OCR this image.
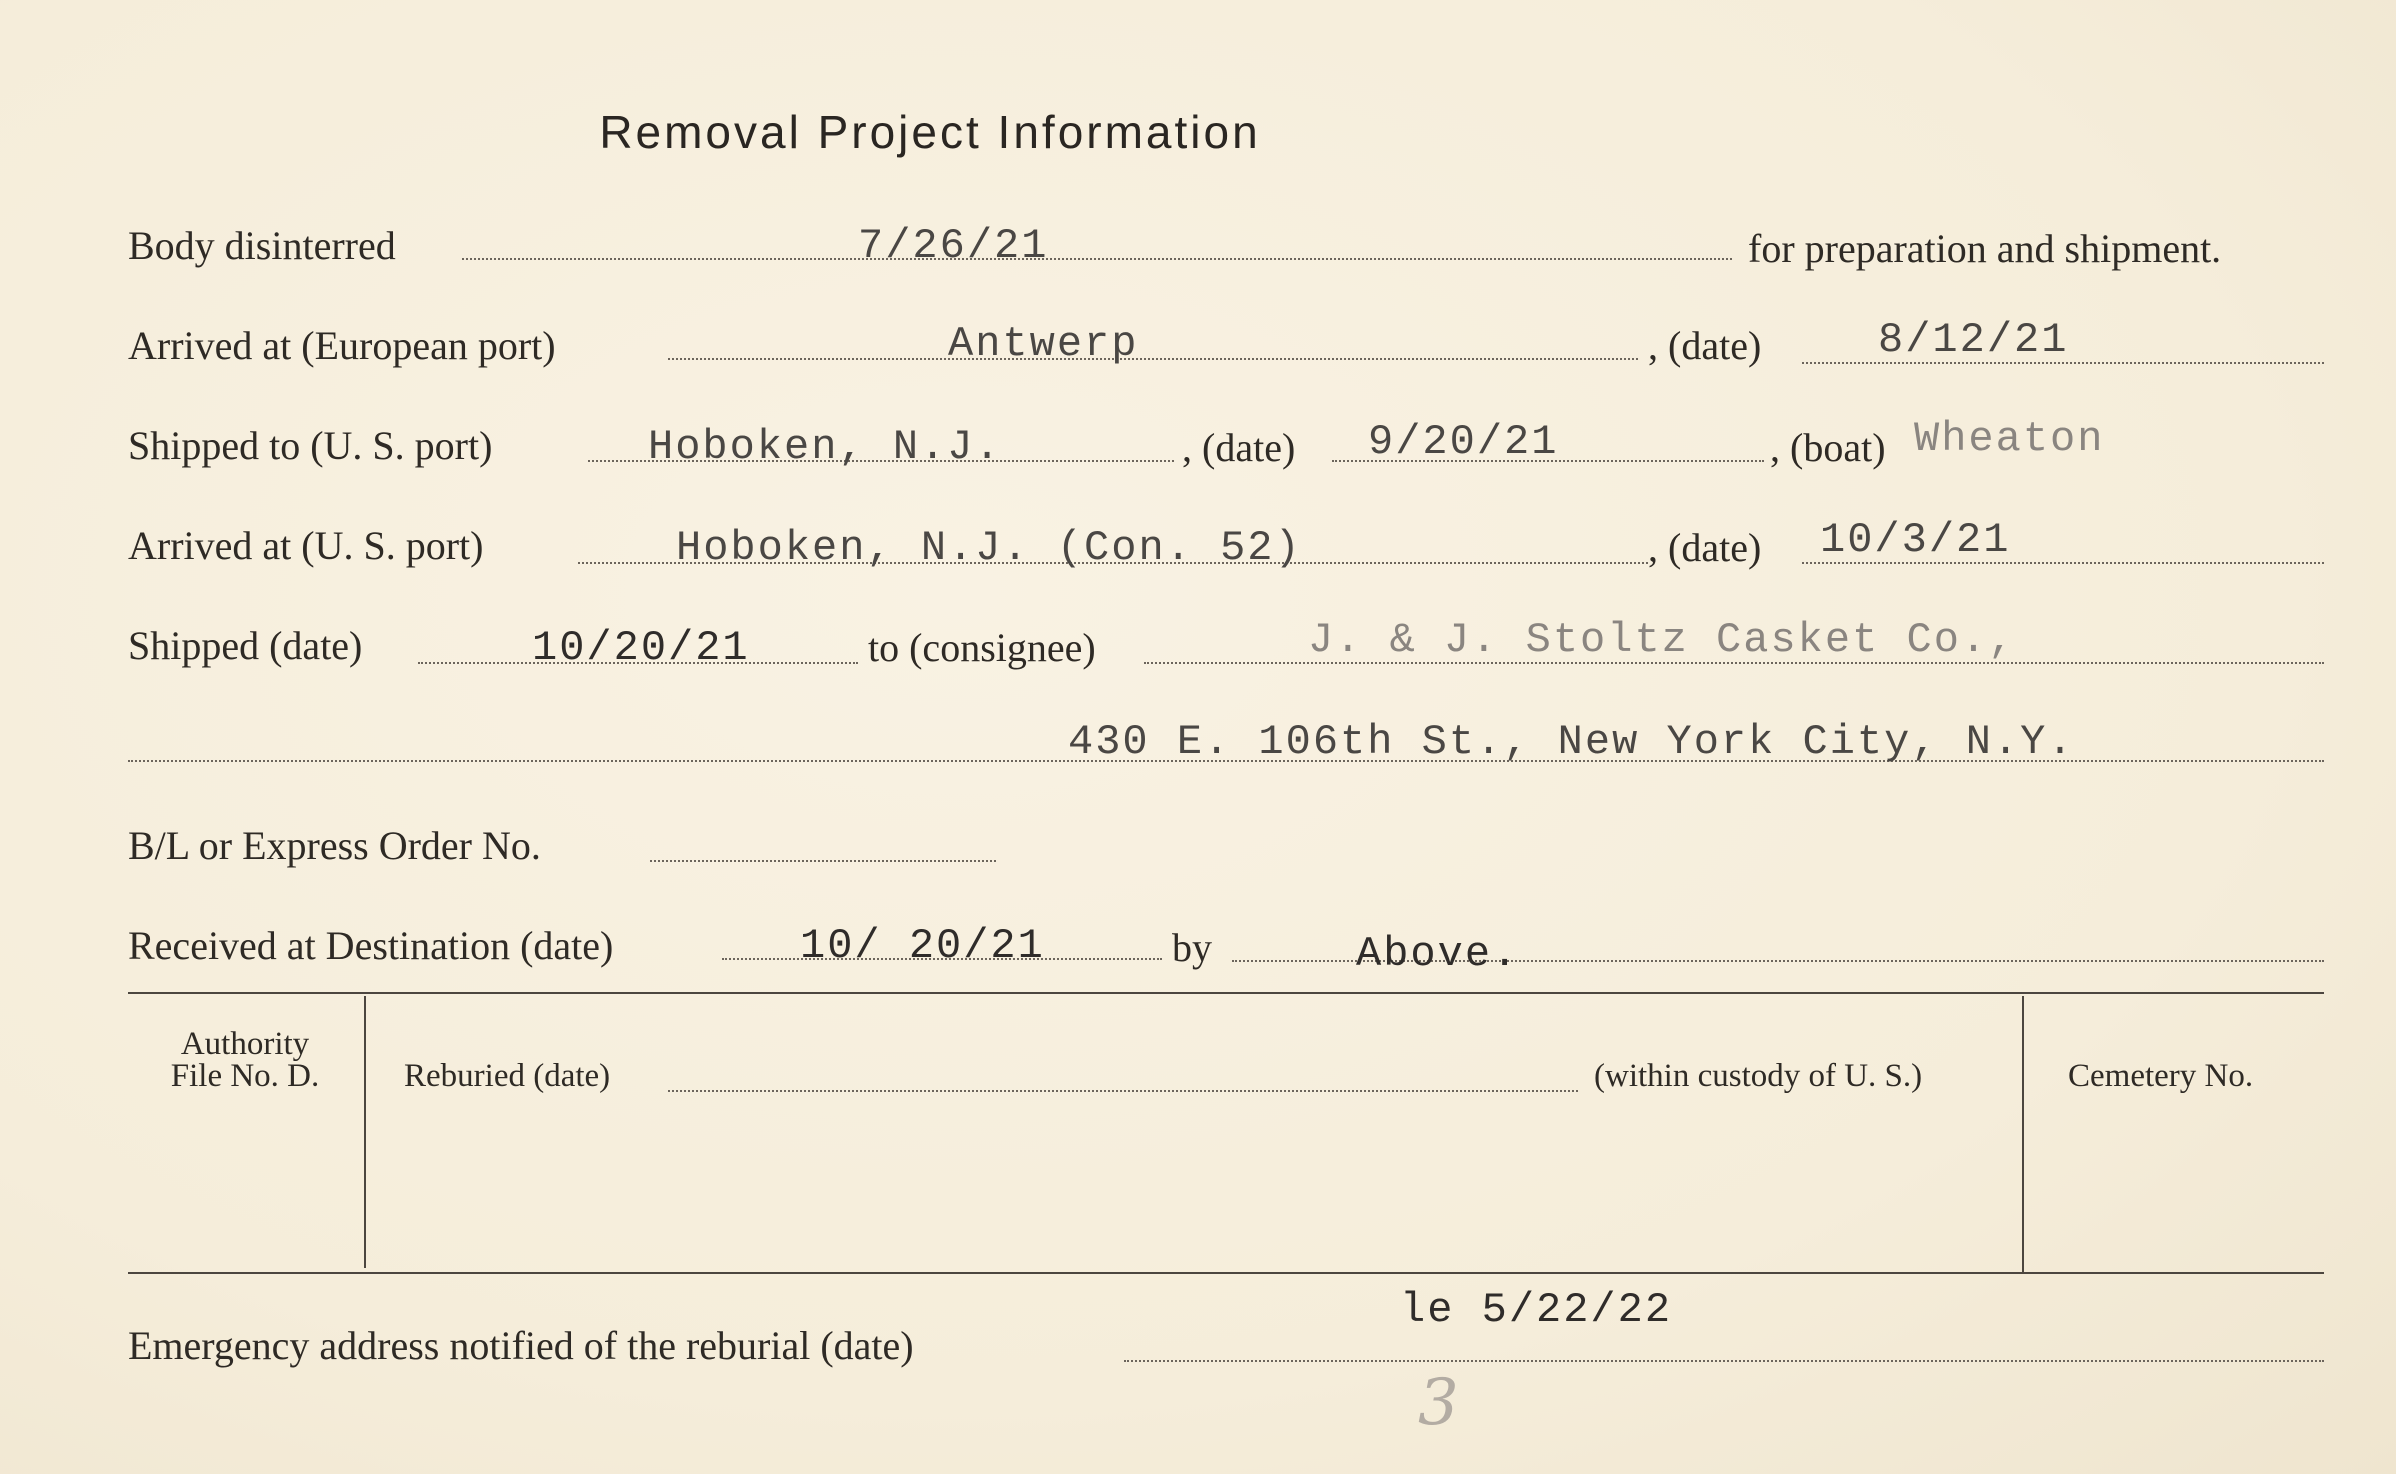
Removal Project Information
Body disinterred	7/26/21	for preparation and shipment.
Arrived at (European port)	Antwerp	, (date)	8/12/21
Shipped to (U. S. port)	Hoboken, N.J.	, (date) 9/20/21	, (boat) Wheaton
Arrived at (U. S. port)	Hoboken, N.J. (Con. 52)	, (date) 10/3/21
Shipped (date)	10/20/21	to (consignee)	J. & J. Stoltz Casket Co.,
430 E. 106th St., New York City, N.Y.
B/L or Express Order No.
Received at Destination (date)	10/ 20/21	by	Above.
Authority
File No. D.	Reburied (date)	(within custody of U. S.)	Cemetery No.
Emergency address notified of the reburial (date)
le 5/22/22
3
